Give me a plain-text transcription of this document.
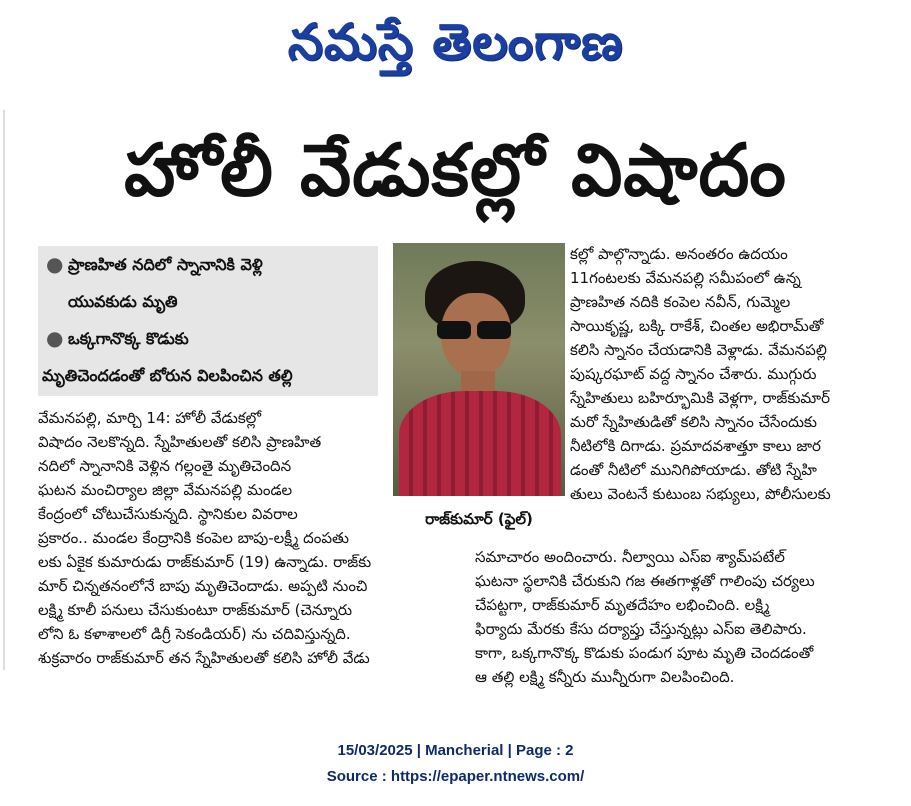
నమస్తే తెలంగాణ
హోలీ వేడుకల్లో విషాదం
● ప్రాణహిత నదిలో స్నానానికి వెళ్లి
యువకుడు మృతి
● ఒక్కగానొక్క కొడుకు
మృతిచెందడంతో బోరున విలపించిన తల్లి
రాజ్‌కుమార్ (ఫైల్)
వేమనపల్లి, మార్చి 14: హోలీ వేడుకల్లో
విషాదం నెలకొన్నది. స్నేహితులతో కలిసి ప్రాణహిత
నదిలో స్నానానికి వెళ్లిన గల్లంతై మృతిచెందిన
ఘటన మంచిర్యాల జిల్లా వేమనపల్లి మండల
కేంద్రంలో చోటుచేసుకున్నది. స్థానికుల వివరాల
ప్రకారం.. మండల కేంద్రానికి కంపెల బాపు-లక్ష్మీ దంపతు
లకు ఏకైక కుమారుడు రాజ్‌కుమార్ (19) ఉన్నాడు. రాజ్‌కు
మార్ చిన్నతనంలోనే బాపు మృతిచెందాడు. అప్పటి నుంచి
లక్ష్మి కూలీ పనులు చేసుకుంటూ రాజ్‌కుమార్ (చెన్నూరు
లోని ఓ కళాశాలలో డిగ్రీ సెకండియర్) ను చదివిస్తున్నది.
శుక్రవారం రాజ్‌కుమార్ తన స్నేహితులతో కలిసి హోలీ వేడు
కల్లో పాల్గొన్నాడు. అనంతరం ఉదయం
11గంటలకు వేమనపల్లి సమీపంలో ఉన్న
ప్రాణహిత నదికి కంపెల నవీన్, గుమ్మెల
సాయికృష్ణ, బక్కి రాకేశ్, చింతల అభిరామ్‌తో
కలిసి స్నానం చేయడానికి వెళ్లాడు. వేమనపల్లి
పుష్కరఘాట్ వద్ద స్నానం చేశారు. ముగ్గురు
స్నేహితులు బహిర్భూమికి వెళ్లగా, రాజ్‌కుమార్
మరో స్నేహితుడితో కలిసి స్నానం చేసేందుకు
నీటిలోకి దిగాడు. ప్రమాదవశాత్తూ కాలు జార
డంతో నీటిలో మునిగిపోయాడు. తోటి స్నేహి
తులు వెంటనే కుటుంబ సభ్యులు, పోలీసులకు
సమాచారం అందించారు. నీల్వాయి ఎస్ఐ శ్యామ్‌పటేల్
ఘటనా స్థలానికి చేరుకుని గజ ఈతగాళ్లతో గాలింపు చర్యలు
చేపట్టగా, రాజ్‌కుమార్ మృతదేహం లభించింది. లక్ష్మి
ఫిర్యాదు మేరకు కేసు దర్యాప్తు చేస్తున్నట్లు ఎస్ఐ తెలిపారు.
కాగా, ఒక్కగానొక్క కొడుకు పండుగ పూట మృతి చెందడంతో
ఆ తల్లి లక్ష్మి కన్నీరు మున్నీరుగా విలపించింది.
15/03/2025 | Mancherial | Page : 2
Source : https://epaper.ntnews.com/
